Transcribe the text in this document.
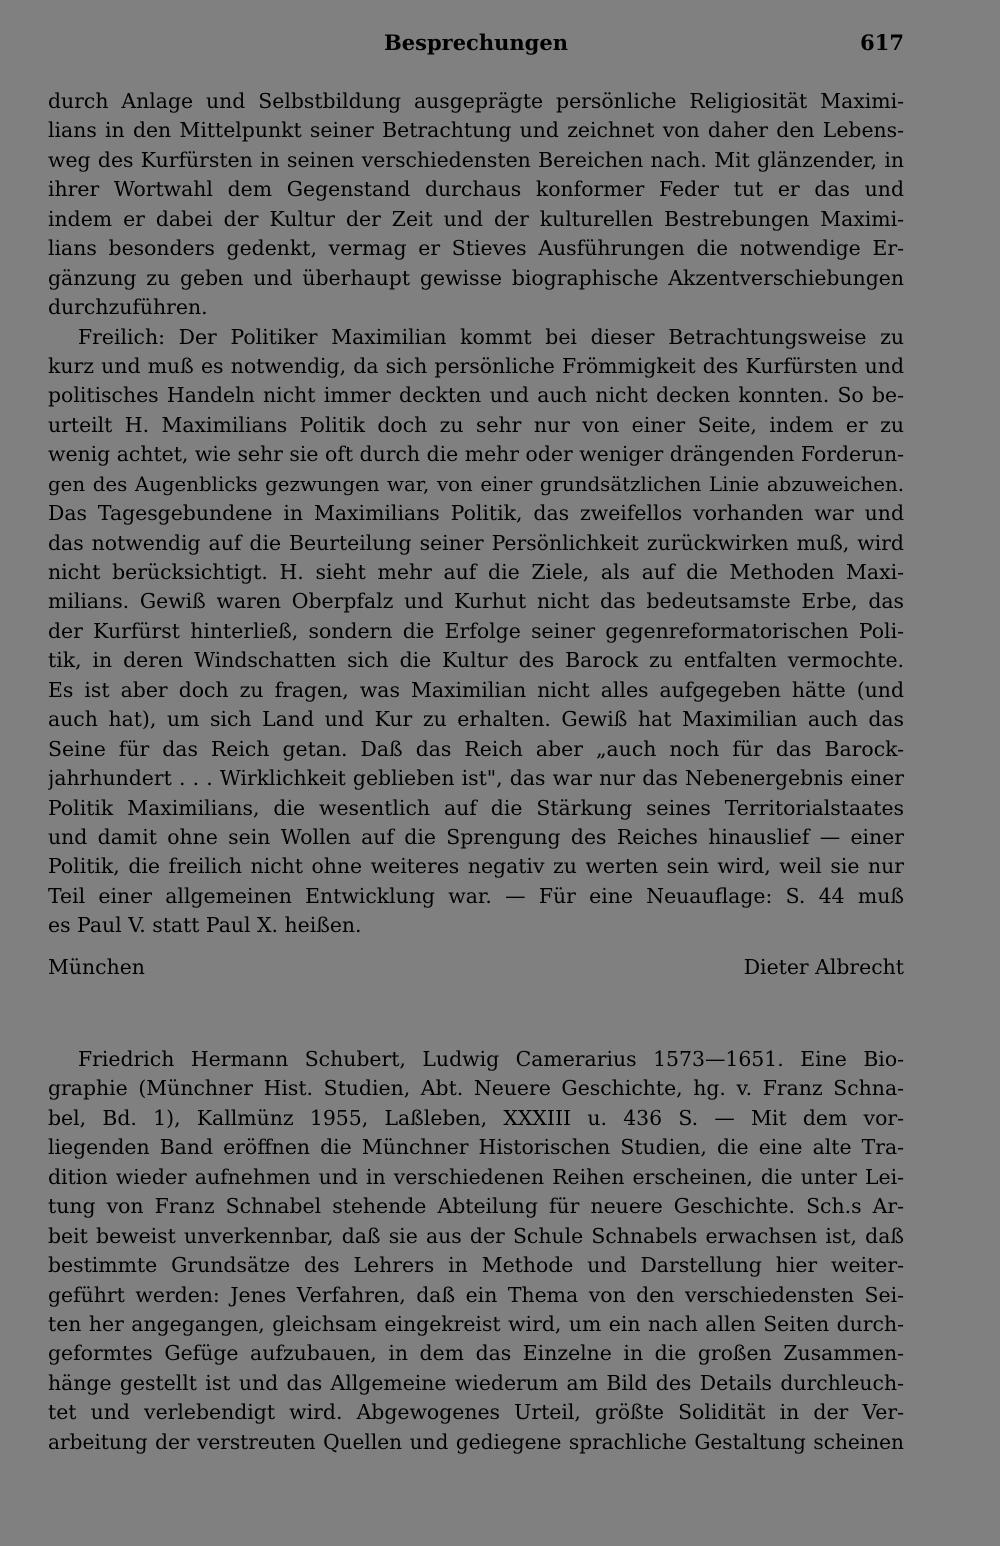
Besprechungen	617
durch Anlage und Selbstbildung ausgeprägte persönliche Religiosität Maximi-
lians in den Mittelpunkt seiner Betrachtung und zeichnet von daher den Lebens-
weg des Kurfürsten in seinen verschiedensten Bereichen nach. Mit glänzender, in
ihrer Wortwahl dem Gegenstand durchaus konformer Feder tut er das und
indem er dabei der Kultur der Zeit und der kulturellen Bestrebungen Maximi-
lians besonders gedenkt, vermag er Stieves Ausführungen die notwendige Er-
gänzung zu geben und überhaupt gewisse biographische Akzentverschiebungen
durchzuführen.
Freilich: Der Politiker Maximilian kommt bei dieser Betrachtungsweise zu
kurz und muß es notwendig, da sich persönliche Frömmigkeit des Kurfürsten und
politisches Handeln nicht immer deckten und auch nicht decken konnten. So be-
urteilt H. Maximilians Politik doch zu sehr nur von einer Seite, indem er zu
wenig achtet, wie sehr sie oft durch die mehr oder weniger drängenden Forderun-
gen des Augenblicks gezwungen war, von einer grundsätzlichen Linie abzuweichen.
Das Tagesgebundene in Maximilians Politik, das zweifellos vorhanden war und
das notwendig auf die Beurteilung seiner Persönlichkeit zurückwirken muß, wird
nicht berücksichtigt. H. sieht mehr auf die Ziele, als auf die Methoden Maxi-
milians. Gewiß waren Oberpfalz und Kurhut nicht das bedeutsamste Erbe, das
der Kurfürst hinterließ, sondern die Erfolge seiner gegenreformatorischen Poli-
tik, in deren Windschatten sich die Kultur des Barock zu entfalten vermochte.
Es ist aber doch zu fragen, was Maximilian nicht alles aufgegeben hätte (und
auch hat), um sich Land und Kur zu erhalten. Gewiß hat Maximilian auch das
Seine für das Reich getan. Daß das Reich aber „auch noch für das Barock-
jahrhundert . . . Wirklichkeit geblieben ist", das war nur das Nebenergebnis einer
Politik Maximilians, die wesentlich auf die Stärkung seines Territorialstaates
und damit ohne sein Wollen auf die Sprengung des Reiches hinauslief — einer
Politik, die freilich nicht ohne weiteres negativ zu werten sein wird, weil sie nur
Teil einer allgemeinen Entwicklung war. — Für eine Neuauflage: S. 44 muß
es Paul V. statt Paul X. heißen.
München	Dieter Albrecht
Friedrich Hermann Schubert, Ludwig Camerarius 1573—1651. Eine Bio-
graphie (Münchner Hist. Studien, Abt. Neuere Geschichte, hg. v. Franz Schna-
bel, Bd. 1), Kallmünz 1955, Laßleben, XXXIII u. 436 S. — Mit dem vor-
liegenden Band eröffnen die Münchner Historischen Studien, die eine alte Tra-
dition wieder aufnehmen und in verschiedenen Reihen erscheinen, die unter Lei-
tung von Franz Schnabel stehende Abteilung für neuere Geschichte. Sch.s Ar-
beit beweist unverkennbar, daß sie aus der Schule Schnabels erwachsen ist, daß
bestimmte Grundsätze des Lehrers in Methode und Darstellung hier weiter-
geführt werden: Jenes Verfahren, daß ein Thema von den verschiedensten Sei-
ten her angegangen, gleichsam eingekreist wird, um ein nach allen Seiten durch-
geformtes Gefüge aufzubauen, in dem das Einzelne in die großen Zusammen-
hänge gestellt ist und das Allgemeine wiederum am Bild des Details durchleuch-
tet und verlebendigt wird. Abgewogenes Urteil, größte Solidität in der Ver-
arbeitung der verstreuten Quellen und gediegene sprachliche Gestaltung scheinen
